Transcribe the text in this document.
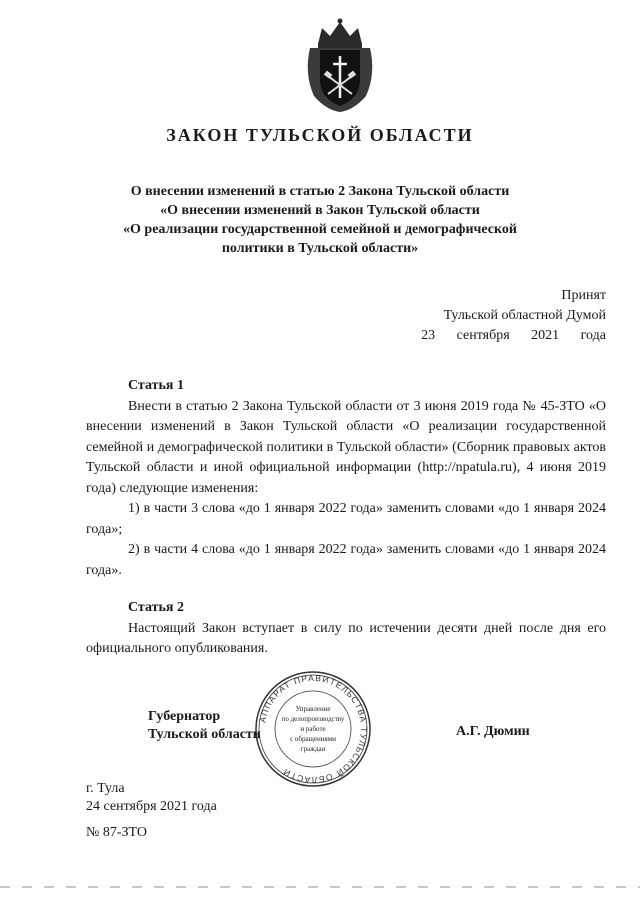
ЗАКОН ТУЛЬСКОЙ ОБЛАСТИ
О внесении изменений в статью 2 Закона Тульской области
«О внесении изменений в Закон Тульской области
«О реализации государственной семейной и демографической
политики в Тульской области»
Принят
Тульской областной Думой
23 сентября 2021 года

Статья 1

Внести в статью 2 Закона Тульской области от 3 июня 2019 года № 45-ЗТО «О внесении изменений в Закон Тульской области «О реализации государственной семейной и демографической политики в Тульской области» (Сборник правовых актов Тульской области и иной официальной информации (http://npatula.ru), 4 июня 2019 года) следующие изменения:

1) в части 3 слова «до 1 января 2022 года» заменить словами «до 1 января 2024 года»;

2) в части 4 слова «до 1 января 2022 года» заменить словами «до 1 января 2024 года».

Статья 2

Настоящий Закон вступает в силу по истечении десяти дней после дня его официального опубликования.

АППАРАТ ПРАВИТЕЛЬСТВА ТУЛЬСКОЙ ОБЛАСТИ
Управление
по делопроизводству
и работе
с обращениями
граждан
Губернатор
Тульской области	А.Г. Дюмин
г. Тула
24 сентября 2021 года
№ 87-ЗТО
